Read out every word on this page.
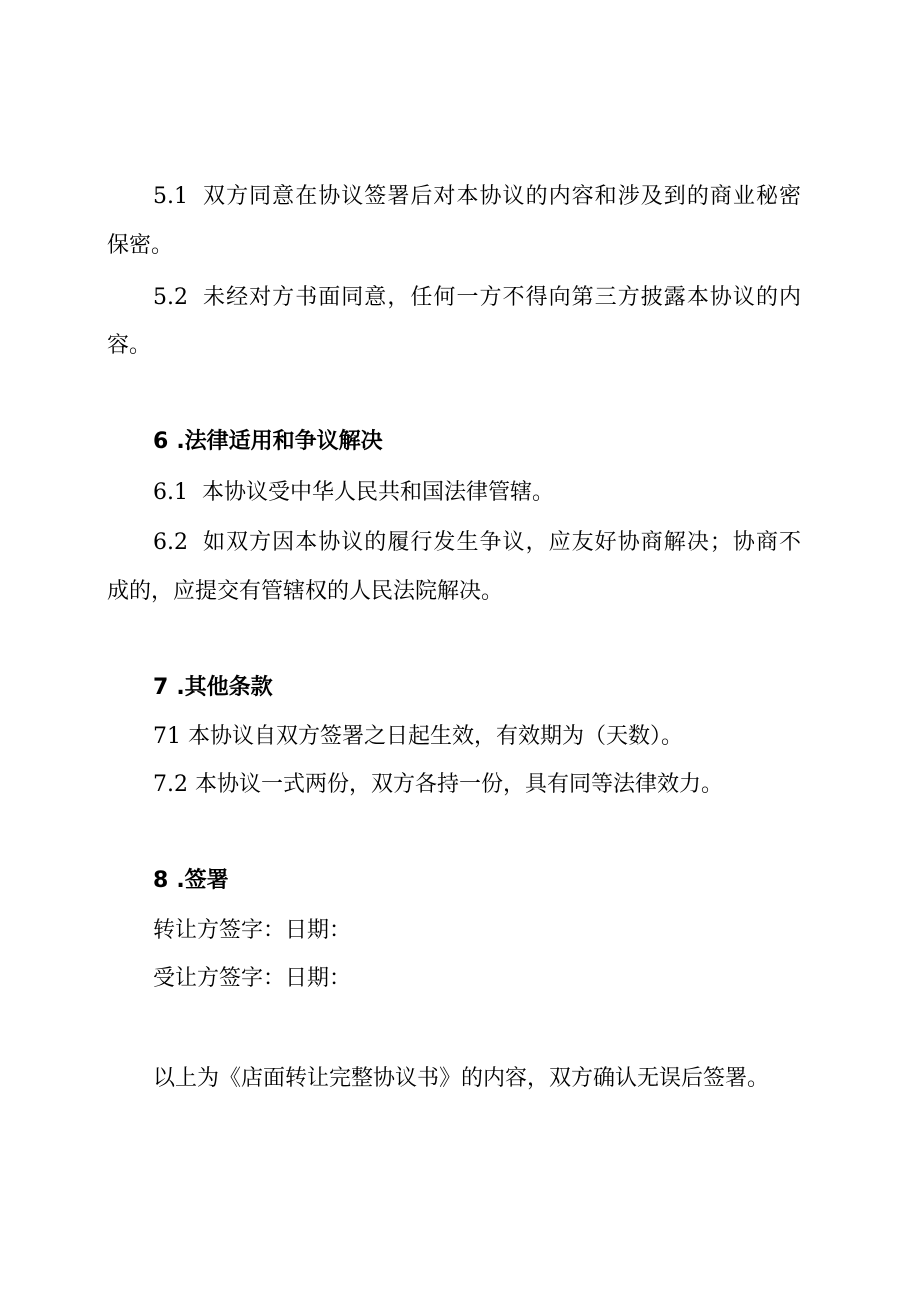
5.1 双方同意在协议签署后对本协议的内容和涉及到的商业秘密

保密。

5.2 未经对方书面同意，任何一方不得向第三方披露本协议的内

容。

6 .法律适用和争议解决

6.1 本协议受中华人民共和国法律管辖。

6.2 如双方因本协议的履行发生争议，应友好协商解决；协商不

成的，应提交有管辖权的人民法院解决。

7 .其他条款

71 本协议自双方签署之日起生效，有效期为（天数）。

7.2 本协议一式两份，双方各持一份，具有同等法律效力。

8 .签署

转让方签字：日期：

受让方签字：日期：

以上为《店面转让完整协议书》的内容，双方确认无误后签署。
